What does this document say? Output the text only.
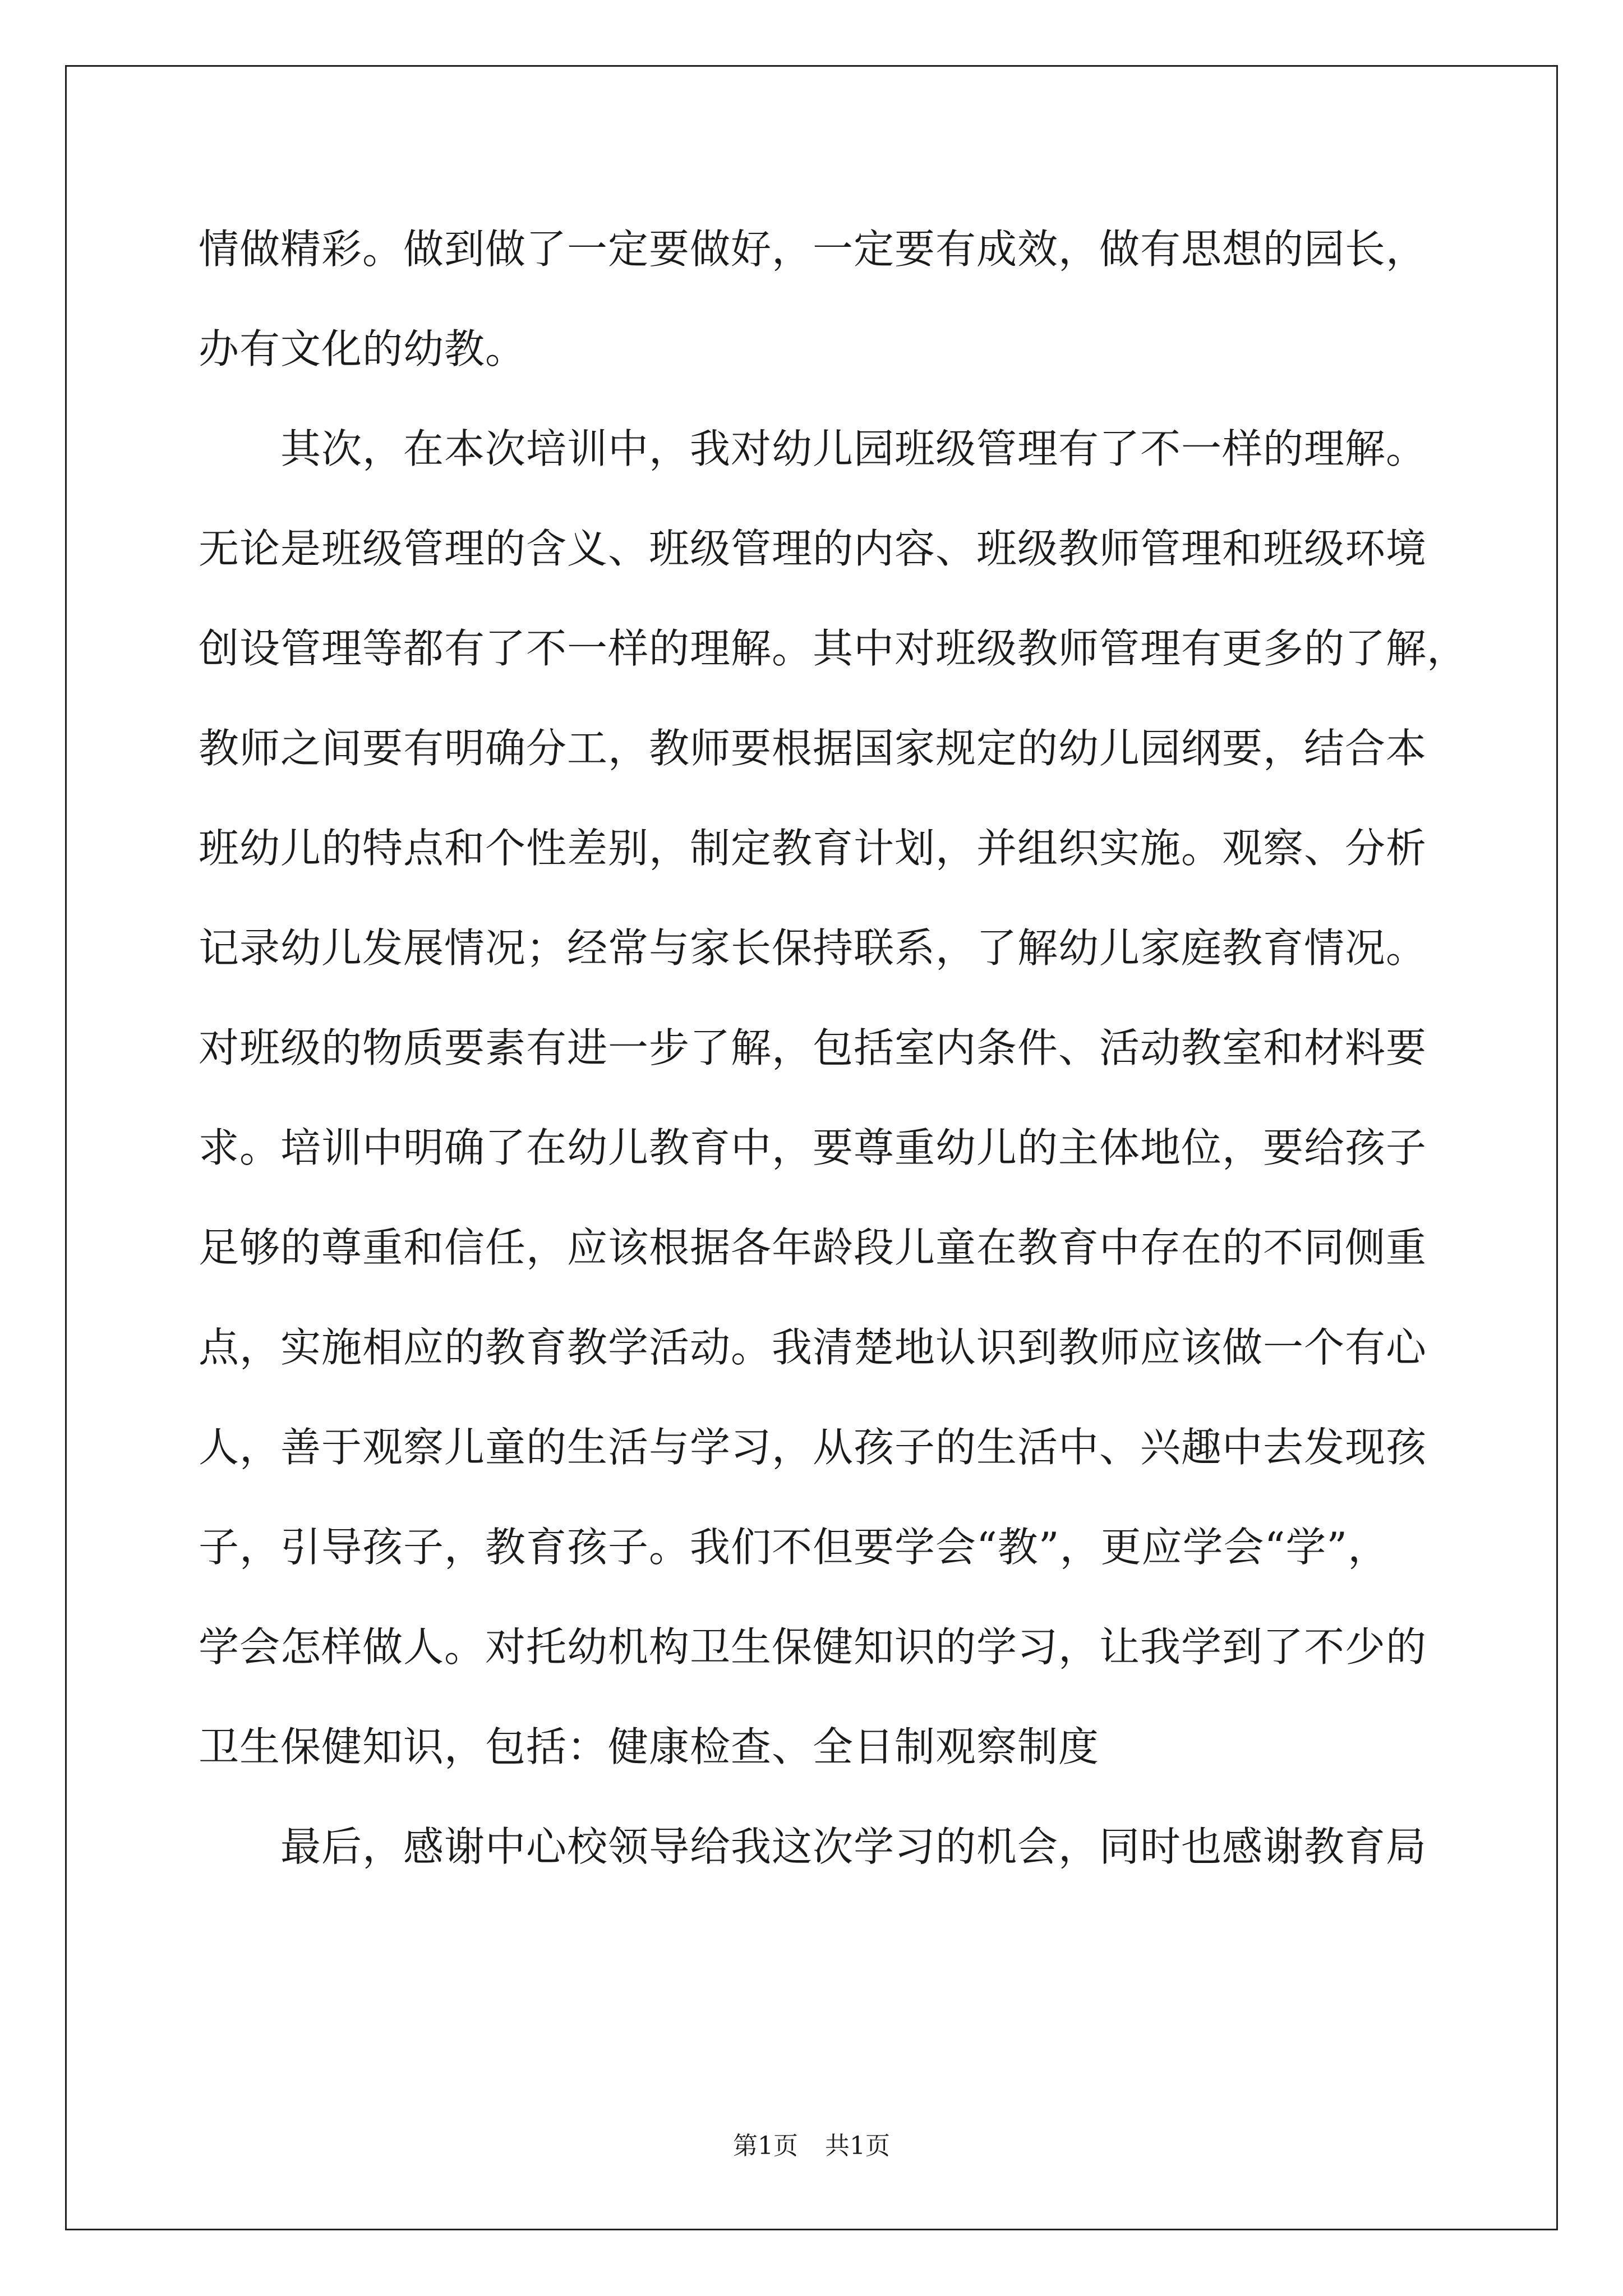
情做精彩。做到做了一定要做好，一定要有成效，做有思想的园长，
办有文化的幼教。
其次，在本次培训中，我对幼儿园班级管理有了不一样的理解。
无论是班级管理的含义、班级管理的内容、班级教师管理和班级环境
创设管理等都有了不一样的理解。其中对班级教师管理有更多的了解，
教师之间要有明确分工，教师要根据国家规定的幼儿园纲要，结合本
班幼儿的特点和个性差别，制定教育计划，并组织实施。观察、分析
记录幼儿发展情况；经常与家长保持联系，了解幼儿家庭教育情况。
对班级的物质要素有进一步了解，包括室内条件、活动教室和材料要
求。培训中明确了在幼儿教育中，要尊重幼儿的主体地位，要给孩子
足够的尊重和信任，应该根据各年龄段儿童在教育中存在的不同侧重
点，实施相应的教育教学活动。我清楚地认识到教师应该做一个有心
人，善于观察儿童的生活与学习，从孩子的生活中、兴趣中去发现孩
子，引导孩子，教育孩子。我们不但要学会“教”，更应学会“学”，
学会怎样做人。对托幼机构卫生保健知识的学习，让我学到了不少的
卫生保健知识，包括：健康检查、全日制观察制度
最后，感谢中心校领导给我这次学习的机会，同时也感谢教育局
第1页 共1页
